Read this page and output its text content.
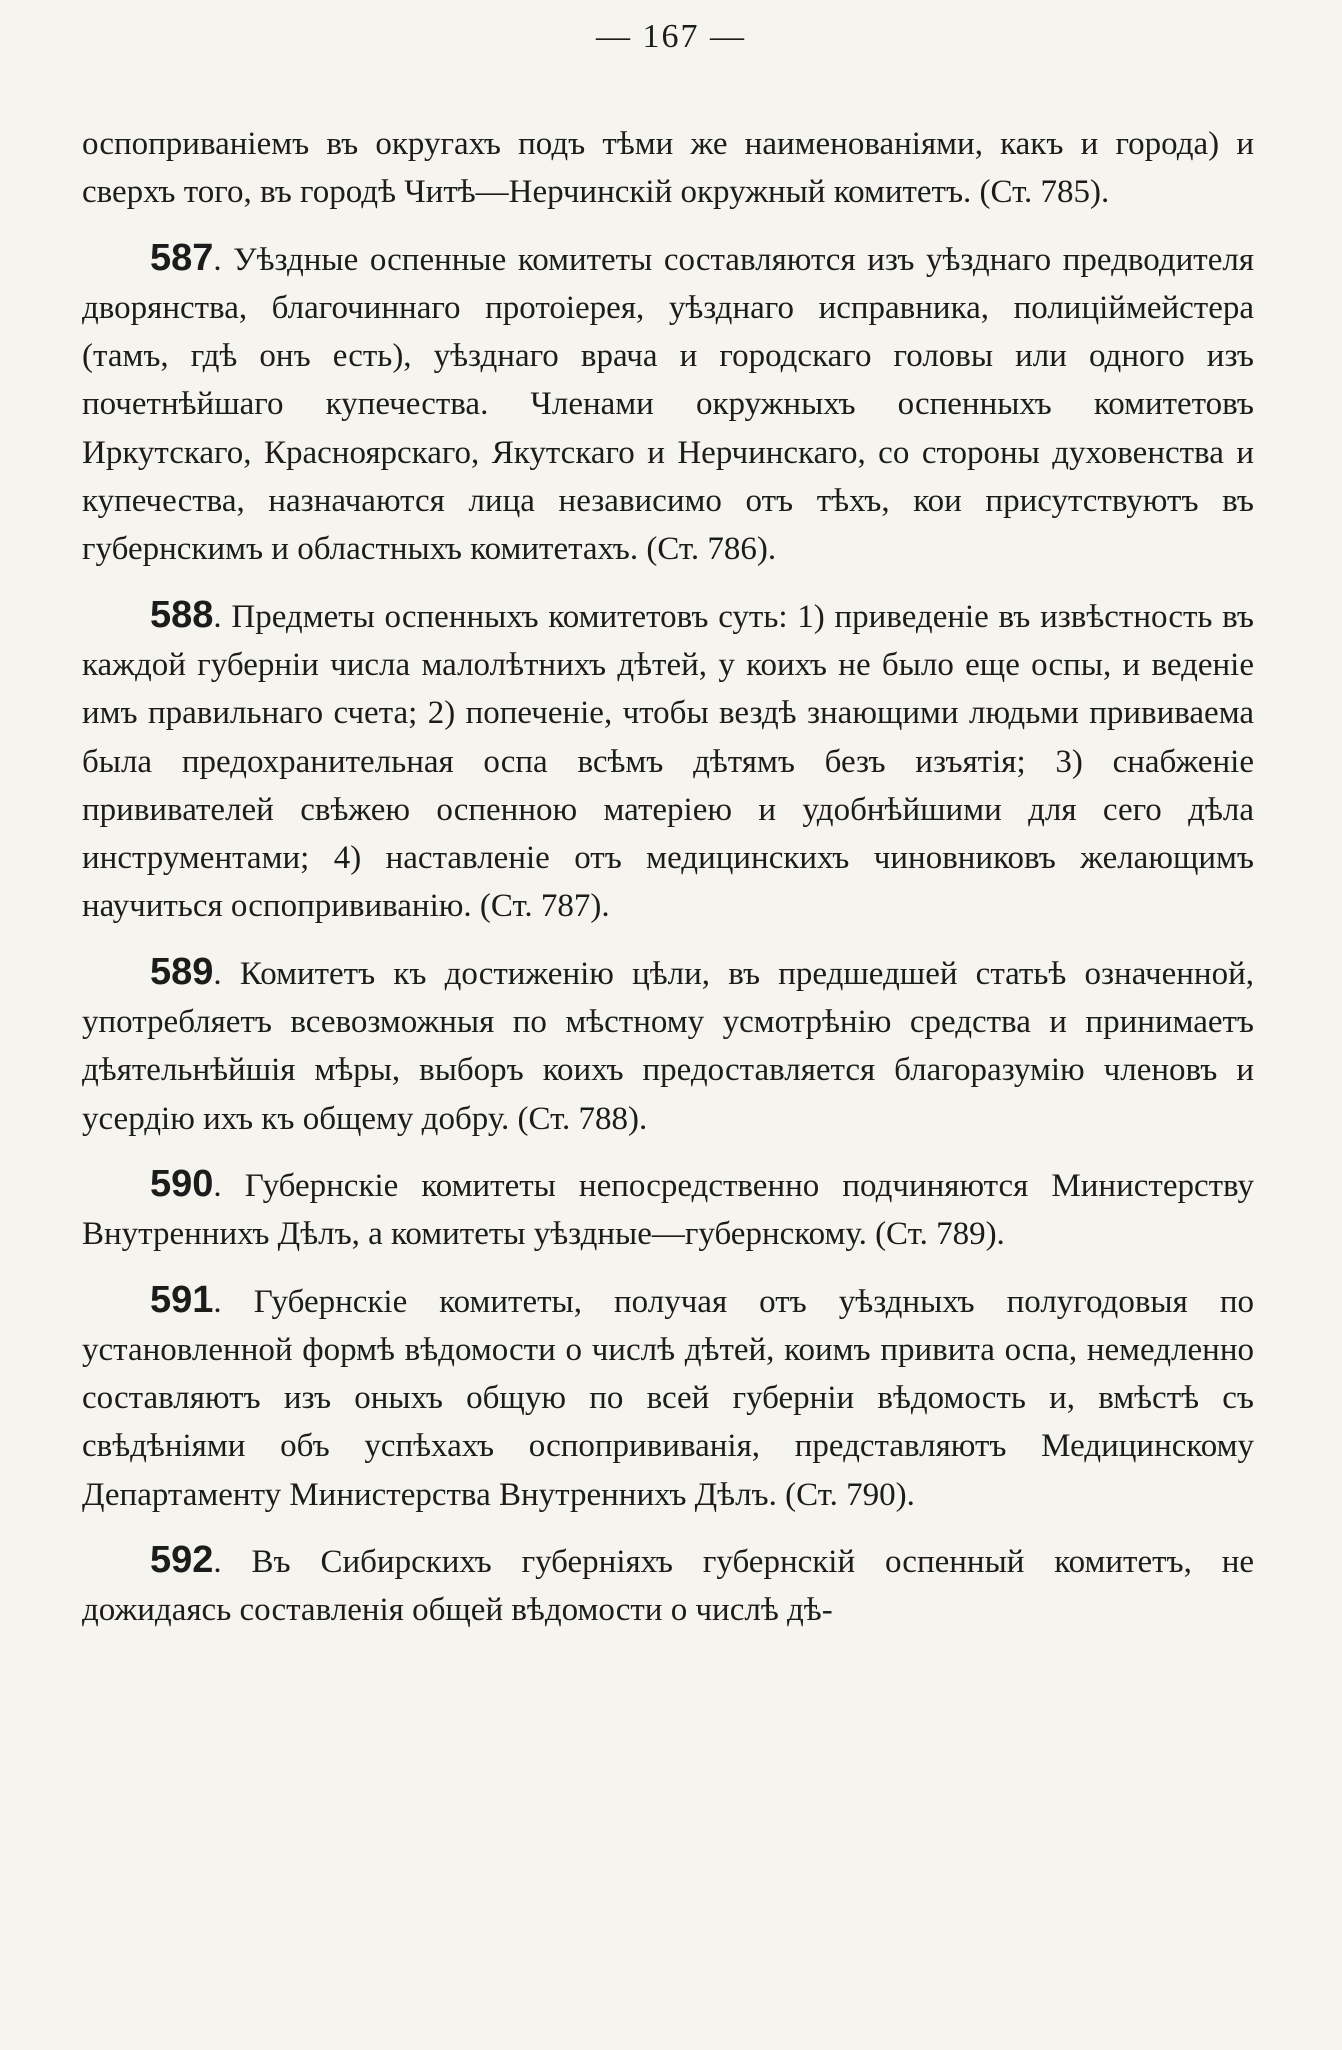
— 167 —

оспоприваніемъ въ округахъ подъ тѣми же наименованіями, какъ и города) и сверхъ того, въ городѣ Читѣ—Нерчинскій окружный комитетъ. (Ст. 785).

587. Уѣздные оспенные комитеты составляются изъ уѣзднаго предводителя дворянства, благочиннаго протоіерея, уѣзднаго исправника, полиціймейстера (тамъ, гдѣ онъ есть), уѣзднаго врача и городскаго головы или одного изъ почетнѣйшаго купечества. Членами окружныхъ оспенныхъ комитетовъ Иркутскаго, Красноярскаго, Якутскаго и Нерчинскаго, со стороны духовенства и купечества, назначаются лица независимо отъ тѣхъ, кои присутствуютъ въ губернскимъ и областныхъ комитетахъ. (Ст. 786).

588. Предметы оспенныхъ комитетовъ суть: 1) приведеніе въ извѣстность въ каждой губерніи числа малолѣтнихъ дѣтей, у коихъ не было еще оспы, и веденіе имъ правильнаго счета; 2) попеченіе, чтобы вездѣ знающими людьми прививаема была предохранительная оспа всѣмъ дѣтямъ безъ изъятія; 3) снабженіе прививателей свѣжею оспенною матеріею и удобнѣйшими для сего дѣла инструментами; 4) наставленіе отъ медицинскихъ чиновниковъ желающимъ научиться оспопрививанію. (Ст. 787).

589. Комитетъ къ достиженію цѣли, въ предшедшей статьѣ означенной, употребляетъ всевозможныя по мѣстному усмотрѣнію средства и принимаетъ дѣятельнѣйшія мѣры, выборъ коихъ предоставляется благоразумію членовъ и усердію ихъ къ общему добру. (Ст. 788).

590. Губернскіе комитеты непосредственно подчиняются Министерству Внутреннихъ Дѣлъ, а комитеты уѣздные—губернскому. (Ст. 789).

591. Губернскіе комитеты, получая отъ уѣздныхъ полугодовыя по установленной формѣ вѣдомости о числѣ дѣтей, коимъ привита оспа, немедленно составляютъ изъ оныхъ общую по всей губерніи вѣдомость и, вмѣстѣ съ свѣдѣніями объ успѣхахъ оспопрививанія, представляютъ Медицинскому Департаменту Министерства Внутреннихъ Дѣлъ. (Ст. 790).

592. Въ Сибирскихъ губерніяхъ губернскій оспенный комитетъ, не дожидаясь составленія общей вѣдомости о числѣ дѣ-
